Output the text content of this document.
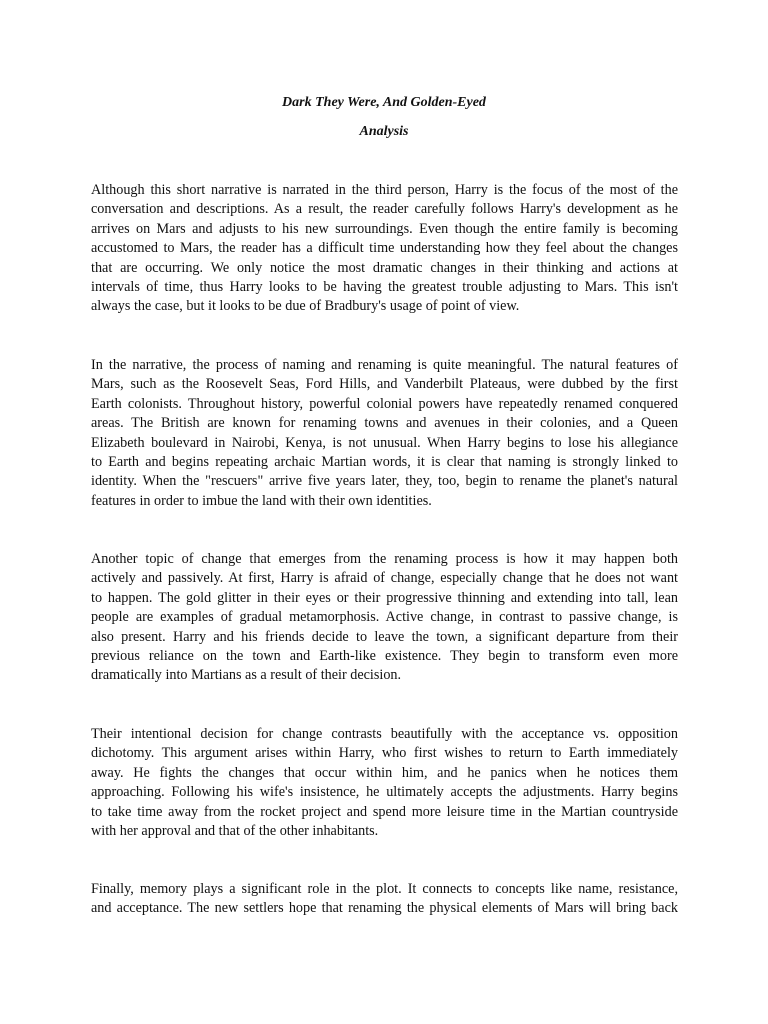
Dark They Were, And Golden-Eyed

Analysis

Although this short narrative is narrated in the third person, Harry is the focus of the most of the
conversation and descriptions. As a result, the reader carefully follows Harry's development as he
arrives on Mars and adjusts to his new surroundings. Even though the entire family is becoming
accustomed to Mars, the reader has a difficult time understanding how they feel about the changes
that are occurring. We only notice the most dramatic changes in their thinking and actions at
intervals of time, thus Harry looks to be having the greatest trouble adjusting to Mars. This isn't
always the case, but it looks to be due of Bradbury's usage of point of view.
In the narrative, the process of naming and renaming is quite meaningful. The natural features of
Mars, such as the Roosevelt Seas, Ford Hills, and Vanderbilt Plateaus, were dubbed by the first
Earth colonists. Throughout history, powerful colonial powers have repeatedly renamed conquered
areas. The British are known for renaming towns and avenues in their colonies, and a Queen
Elizabeth boulevard in Nairobi, Kenya, is not unusual. When Harry begins to lose his allegiance
to Earth and begins repeating archaic Martian words, it is clear that naming is strongly linked to
identity. When the "rescuers" arrive five years later, they, too, begin to rename the planet's natural
features in order to imbue the land with their own identities.
Another topic of change that emerges from the renaming process is how it may happen both
actively and passively. At first, Harry is afraid of change, especially change that he does not want
to happen. The gold glitter in their eyes or their progressive thinning and extending into tall, lean
people are examples of gradual metamorphosis. Active change, in contrast to passive change, is
also present. Harry and his friends decide to leave the town, a significant departure from their
previous reliance on the town and Earth-like existence. They begin to transform even more
dramatically into Martians as a result of their decision.
Their intentional decision for change contrasts beautifully with the acceptance vs. opposition
dichotomy. This argument arises within Harry, who first wishes to return to Earth immediately
away. He fights the changes that occur within him, and he panics when he notices them
approaching. Following his wife's insistence, he ultimately accepts the adjustments. Harry begins
to take time away from the rocket project and spend more leisure time in the Martian countryside
with her approval and that of the other inhabitants.
Finally, memory plays a significant role in the plot. It connects to concepts like name, resistance,
and acceptance. The new settlers hope that renaming the physical elements of Mars will bring back
